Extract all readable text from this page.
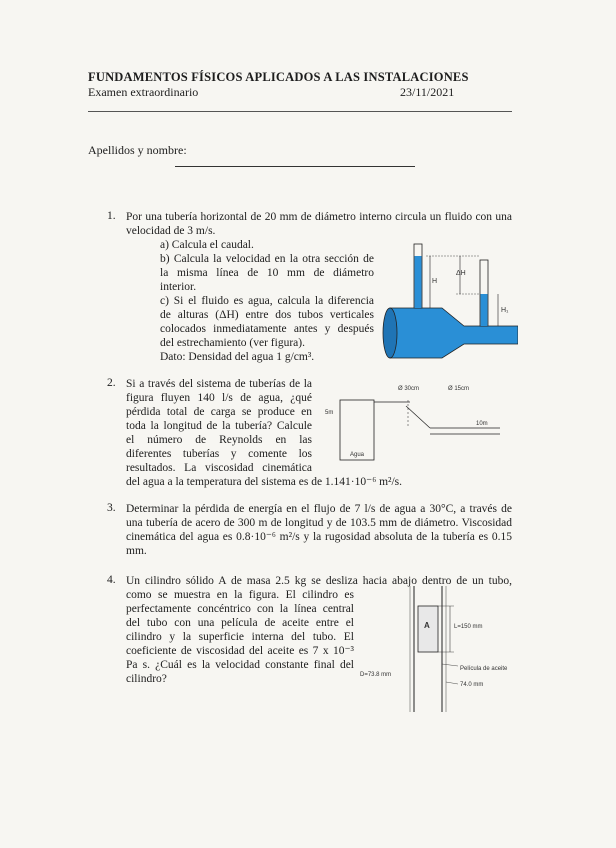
FUNDAMENTOS FÍSICOS APLICADOS A LAS INSTALACIONES
Examen extraordinario	23/11/2021
Apellidos y nombre:
1. Por una tubería horizontal de 20 mm de diámetro interno circula un fluido con una
velocidad de 3 m/s.
a) Calcula el caudal.
b) Calcula la velocidad en la otra sección de
la misma línea de 10 mm de diámetro
interior.
c) Si el fluido es agua, calcula la diferencia
de alturas (ΔH) entre dos tubos verticales
colocados inmediatamente antes y después
del estrechamiento (ver figura).
Dato: Densidad del agua 1 g/cm³.
H
ΔH
H₁
2. Si a través del sistema de tuberías de la
figura fluyen 140 l/s de agua, ¿qué
pérdida total de carga se produce en
toda la longitud de la tubería? Calcule
el número de Reynolds en las
diferentes tuberías y comente los
resultados. La viscosidad cinemática
del agua a la temperatura del sistema es de 1.141·10⁻⁶ m²/s.
Ø 30cm	Ø 15cm
5m
10m
Agua
3. Determinar la pérdida de energía en el flujo de 7 l/s de agua a 30°C, a través de
una tubería de acero de 300 m de longitud y de 103.5 mm de diámetro. Viscosidad
cinemática del agua es 0.8·10⁻⁶ m²/s y la rugosidad absoluta de la tubería es 0.15
mm.
4. Un cilindro sólido A de masa 2.5 kg se desliza hacia abajo dentro de un tubo,
como se muestra en la figura. El cilindro es
perfectamente concéntrico con la línea central
del tubo con una película de aceite entre el
cilindro y la superficie interna del tubo. El
coeficiente de viscosidad del aceite es 7 x 10⁻³
Pa s. ¿Cuál es la velocidad constante final del
cilindro?
A	L=150 mm
Película de aceite
D=73.8 mm
74.0 mm
